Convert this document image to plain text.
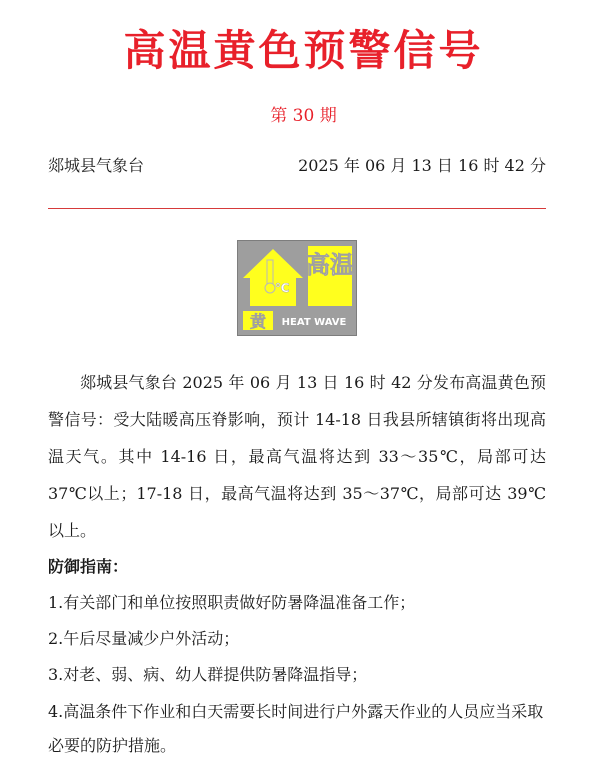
高温黄色预警信号
第 30 期
郯城县气象台	2025 年 06 月 13 日 16 时 42 分
℃
高温
黄 HEAT WAVE

郯城县气象台 2025 年 06 月 13 日 16 时 42 分发布高温黄色预警信号：受大陆暖高压脊影响，预计 14-18 日我县所辖镇街将出现高温天气。其中 14-16 日，最高气温将达到 33～35℃，局部可达 37℃以上；17-18 日，最高气温将达到 35～37℃，局部可达 39℃以上。

防御指南：

1.有关部门和单位按照职责做好防暑降温准备工作；
2.午后尽量减少户外活动；
3.对老、弱、病、幼人群提供防暑降温指导；
4.高温条件下作业和白天需要长时间进行户外露天作业的人员应当采取必要的防护措施。
